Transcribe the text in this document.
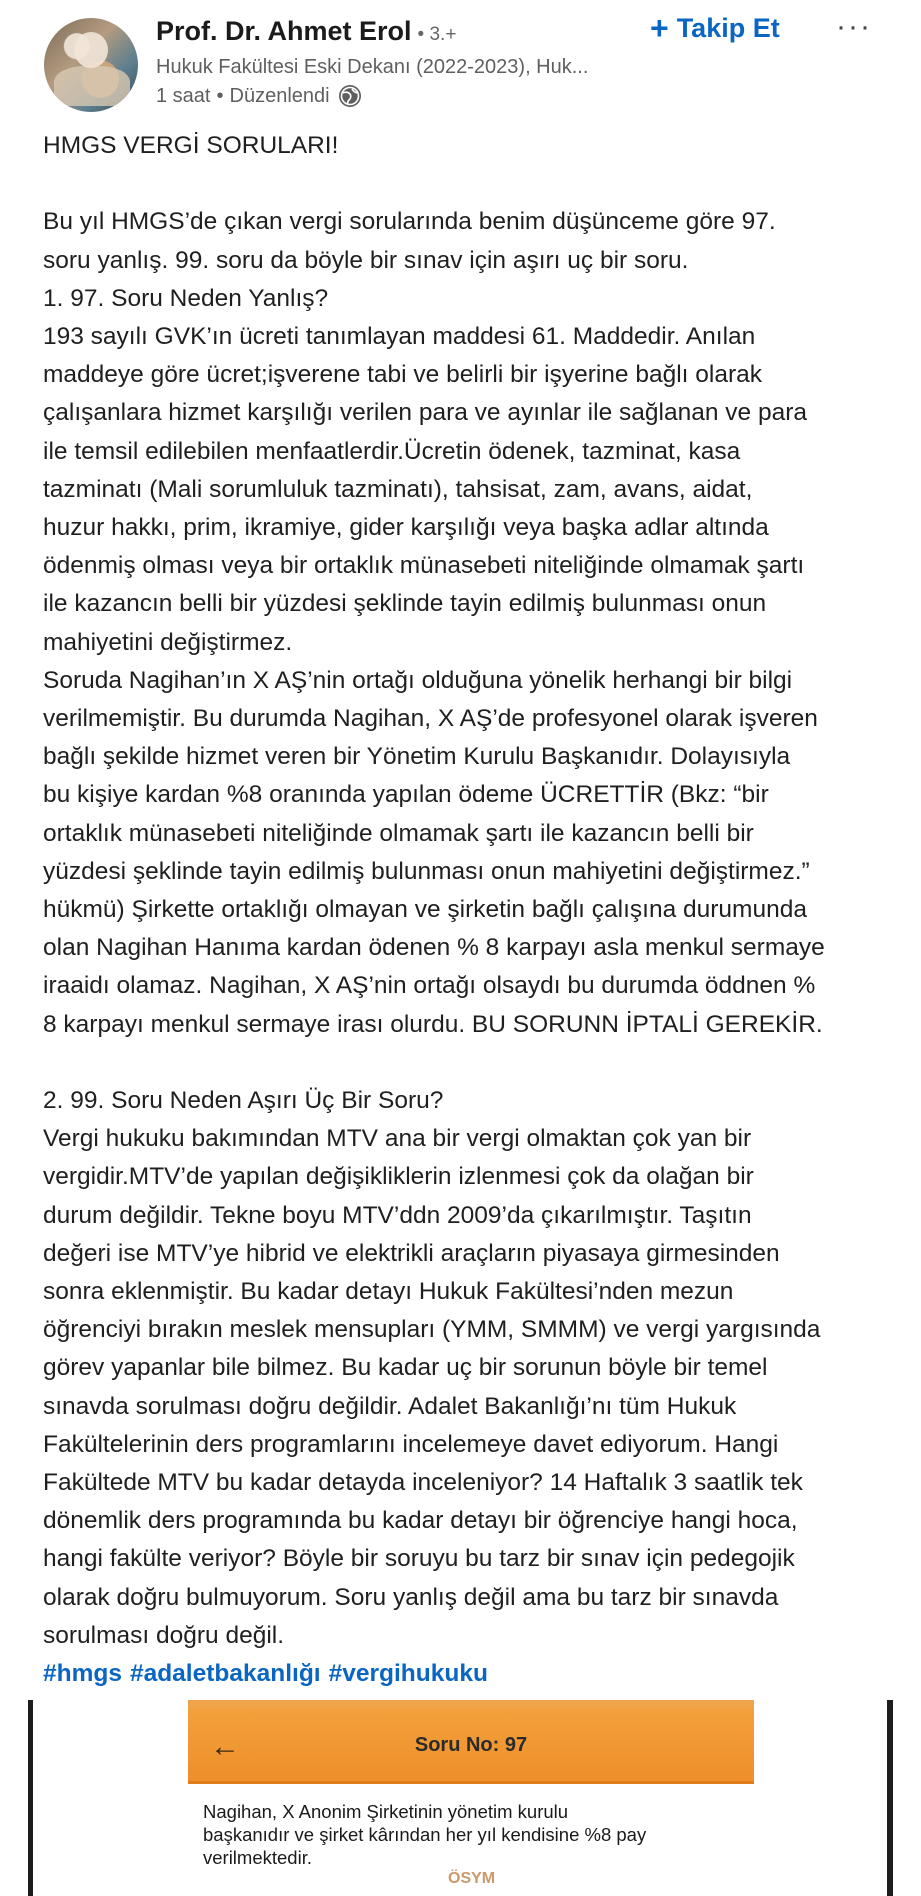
Prof. Dr. Ahmet Erol • 3.+	+ Takip Et ···
Hukuk Fakültesi Eski Dekanı (2022-2023), Huk...
1 saat • Düzenlendi

HMGS VERGİ SORULARI!

Bu yıl HMGS’de çıkan vergi sorularında benim düşünceme göre 97.

soru yanlış. 99. soru da böyle bir sınav için aşırı uç bir soru.

1. 97. Soru Neden Yanlış?

193 sayılı GVK’ın ücreti tanımlayan maddesi 61. Maddedir. Anılan

maddeye göre ücret;işverene tabi ve belirli bir işyerine bağlı olarak

çalışanlara hizmet karşılığı verilen para ve ayınlar ile sağlanan ve para

ile temsil edilebilen menfaatlerdir.Ücretin ödenek, tazminat, kasa

tazminatı (Mali sorumluluk tazminatı), tahsisat, zam, avans, aidat,

huzur hakkı, prim, ikramiye, gider karşılığı veya başka adlar altında

ödenmiş olması veya bir ortaklık münasebeti niteliğinde olmamak şartı

ile kazancın belli bir yüzdesi şeklinde tayin edilmiş bulunması onun

mahiyetini değiştirmez.

Soruda Nagihan’ın X AŞ’nin ortağı olduğuna yönelik herhangi bir bilgi

verilmemiştir. Bu durumda Nagihan, X AŞ’de profesyonel olarak işveren

bağlı şekilde hizmet veren bir Yönetim Kurulu Başkanıdır. Dolayısıyla

bu kişiye kardan %8 oranında yapılan ödeme ÜCRETTİR (Bkz: “bir

ortaklık münasebeti niteliğinde olmamak şartı ile kazancın belli bir

yüzdesi şeklinde tayin edilmiş bulunması onun mahiyetini değiştirmez.”

hükmü) Şirkette ortaklığı olmayan ve şirketin bağlı çalışına durumunda

olan Nagihan Hanıma kardan ödenen % 8 karpayı asla menkul sermaye

iraaidı olamaz. Nagihan, X AŞ’nin ortağı olsaydı bu durumda öddnen %

8 karpayı menkul sermaye irası olurdu. BU SORUNN İPTALİ GEREKİR.

2. 99. Soru Neden Aşırı Üç Bir Soru?

Vergi hukuku bakımından MTV ana bir vergi olmaktan çok yan bir

vergidir.MTV’de yapılan değişikliklerin izlenmesi çok da olağan bir

durum değildir. Tekne boyu MTV’ddn 2009’da çıkarılmıştır. Taşıtın

değeri ise MTV’ye hibrid ve elektrikli araçların piyasaya girmesinden

sonra eklenmiştir. Bu kadar detayı Hukuk Fakültesi’nden mezun

öğrenciyi bırakın meslek mensupları (YMM, SMMM) ve vergi yargısında

görev yapanlar bile bilmez. Bu kadar uç bir sorunun böyle bir temel

sınavda sorulması doğru değildir. Adalet Bakanlığı’nı tüm Hukuk

Fakültelerinin ders programlarını incelemeye davet ediyorum. Hangi

Fakültede MTV bu kadar detayda inceleniyor? 14 Haftalık 3 saatlik tek

dönemlik ders programında bu kadar detayı bir öğrenciye hangi hoca,

hangi fakülte veriyor? Böyle bir soruyu bu tarz bir sınav için pedegojik

olarak doğru bulmuyorum. Soru yanlış değil ama bu tarz bir sınavda

sorulması doğru değil.

#hmgs #adaletbakanlığı #vergihukuku

←	Soru No: 97

Nagihan, X Anonim Şirketinin yönetim kurulu

başkanıdır ve şirket kârından her yıl kendisine %8 pay

verilmektedir.

ÖSYM
